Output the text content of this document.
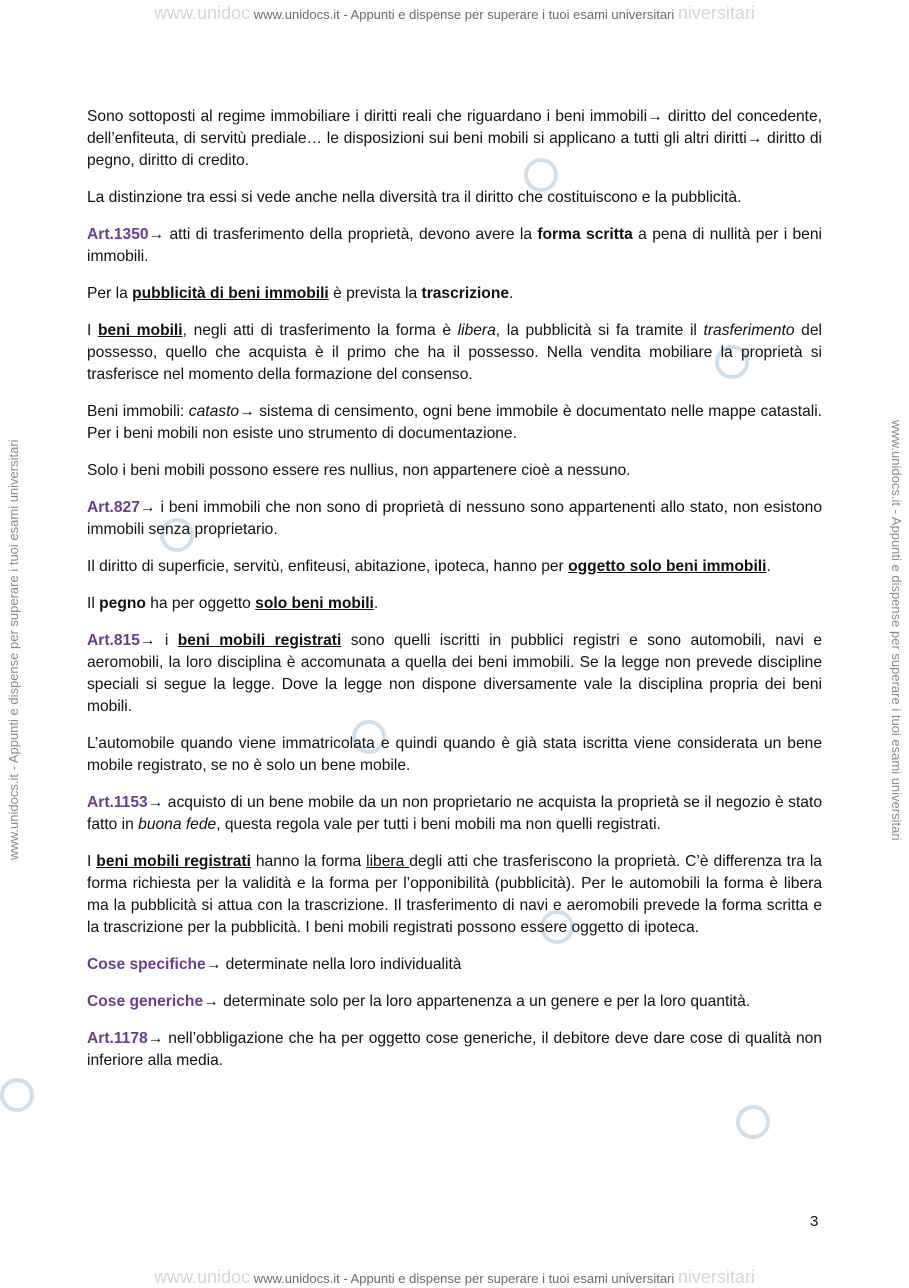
www.unidoc www.unidocs.it - Appunti e dispense per superare i tuoi esami universitari niversitari
www.unidoc www.unidocs.it - Appunti e dispense per superare i tuoi esami universitari niversitari
www.unidocs.it - Appunti e dispense per superare i tuoi esami universitari	www.unidocs.it - Appunti e dispense per superare i tuoi esami universitari

Sono sottoposti al regime immobiliare i diritti reali che riguardano i beni immobili→ diritto del concedente, dell’enfiteuta, di servitù prediale… le disposizioni sui beni mobili si applicano a tutti gli altri diritti→ diritto di pegno, diritto di credito.

La distinzione tra essi si vede anche nella diversità tra il diritto che costituiscono e la pubblicità.

Art.1350→ atti di trasferimento della proprietà, devono avere la forma scritta a pena di nullità per i beni immobili.

Per la pubblicità di beni immobili è prevista la trascrizione.

I beni mobili, negli atti di trasferimento la forma è libera, la pubblicità si fa tramite il trasferimento del possesso, quello che acquista è il primo che ha il possesso. Nella vendita mobiliare la proprietà si trasferisce nel momento della formazione del consenso.

Beni immobili: catasto→ sistema di censimento, ogni bene immobile è documentato nelle mappe catastali. Per i beni mobili non esiste uno strumento di documentazione.

Solo i beni mobili possono essere res nullius, non appartenere cioè a nessuno.

Art.827→ i beni immobili che non sono di proprietà di nessuno sono appartenenti allo stato, non esistono immobili senza proprietario.

Il diritto di superficie, servitù, enfiteusi, abitazione, ipoteca, hanno per oggetto solo beni immobili.

Il pegno ha per oggetto solo beni mobili.

Art.815→ i beni mobili registrati sono quelli iscritti in pubblici registri e sono automobili, navi e aeromobili, la loro disciplina è accomunata a quella dei beni immobili. Se la legge non prevede discipline speciali si segue la legge. Dove la legge non dispone diversamente vale la disciplina propria dei beni mobili.

L’automobile quando viene immatricolata e quindi quando è già stata iscritta viene considerata un bene mobile registrato, se no è solo un bene mobile.

Art.1153→ acquisto di un bene mobile da un non proprietario ne acquista la proprietà se il negozio è stato fatto in buona fede, questa regola vale per tutti i beni mobili ma non quelli registrati.

I beni mobili registrati hanno la forma libera degli atti che trasferiscono la proprietà. C’è differenza tra la forma richiesta per la validità e la forma per l’opponibilità (pubblicità). Per le automobili la forma è libera ma la pubblicità si attua con la trascrizione. Il trasferimento di navi e aeromobili prevede la forma scritta e la trascrizione per la pubblicità. I beni mobili registrati possono essere oggetto di ipoteca.

Cose specifiche→ determinate nella loro individualità

Cose generiche→ determinate solo per la loro appartenenza a un genere e per la loro quantità.

Art.1178→ nell’obbligazione che ha per oggetto cose generiche, il debitore deve dare cose di qualità non inferiore alla media.

3
